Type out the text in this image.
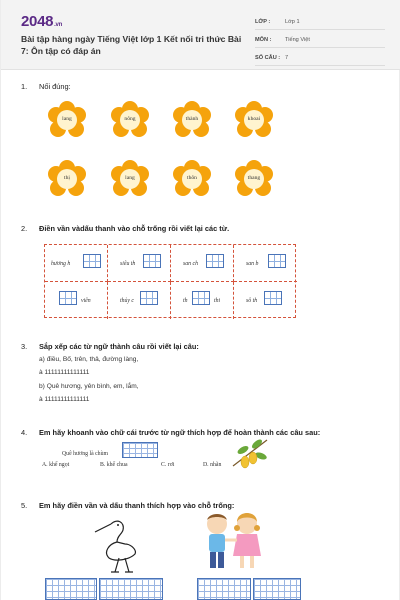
2048.vn
Bài tập hàng ngày Tiếng Việt lớp 1 Kết nối tri thức Bài 7: Ôn tập có đáp án
LỚP :	Lớp 1
MÔN :	Tiếng Việt
SỐ CÂU : 7
1. Nối đúng:
lang	nông	thành	khoai
thị	lang	thôn	thang
2. Điền vần vàdấu thanh vào chỗ trống rồi viết lại các từ.
hương h	siêu th	san ch	san b
viên	thủy c	th	thi	sô th
3. Sắp xếp các từ ngữ thành câu rồi viết lại câu:
a) điều, Bố, trên, thả, đường làng,
à 11111111111111
b) Quê hương, yên bình, em, lắm,
à 11111111111111
4. Em hãy khoanh vào chữ cái trước từ ngữ thích hợp để hoàn thành các câu sau:
Quê hương là chùm
A. khế ngọt	B. khế chua	C. rơi	D. nhãn
5. Em hãy điền vần và dấu thanh thích hợp vào chỗ trống:
